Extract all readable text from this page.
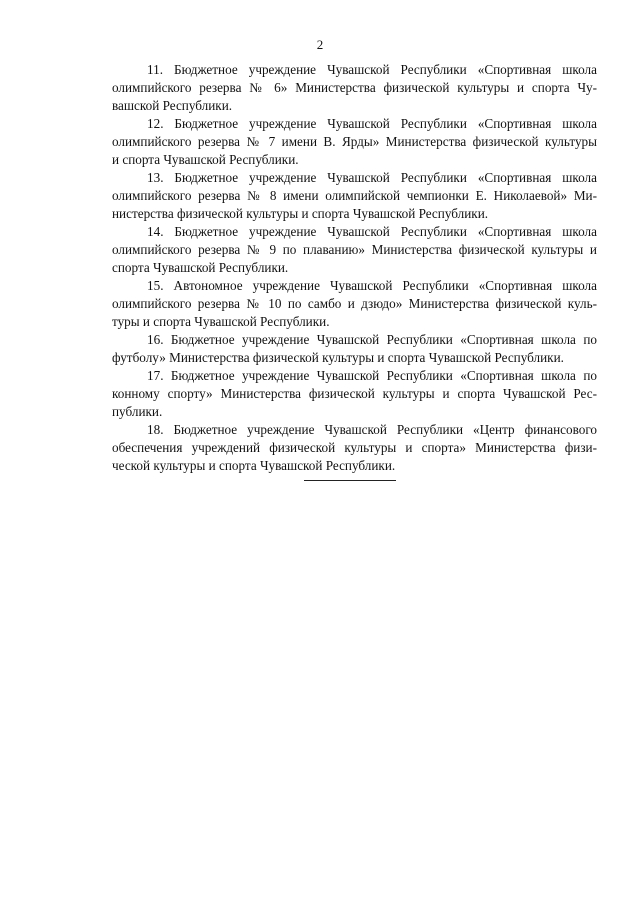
2
11. Бюджетное учреждение Чувашской Республики «Спортивная школа
олимпийского резерва № 6» Министерства физической культуры и спорта Чу-
вашской Республики.
12. Бюджетное учреждение Чувашской Республики «Спортивная школа
олимпийского резерва № 7 имени В. Ярды» Министерства физической культуры
и спорта Чувашской Республики.
13. Бюджетное учреждение Чувашской Республики «Спортивная школа
олимпийского резерва № 8 имени олимпийской чемпионки Е. Николаевой» Ми-
нистерства физической культуры и спорта Чувашской Республики.
14. Бюджетное учреждение Чувашской Республики «Спортивная школа
олимпийского резерва № 9 по плаванию» Министерства физической культуры и
спорта Чувашской Республики.
15. Автономное учреждение Чувашской Республики «Спортивная школа
олимпийского резерва № 10 по самбо и дзюдо» Министерства физической куль-
туры и спорта Чувашской Республики.
16. Бюджетное учреждение Чувашской Республики «Спортивная школа по
футболу» Министерства физической культуры и спорта Чувашской Республики.
17. Бюджетное учреждение Чувашской Республики «Спортивная школа по
конному спорту» Министерства физической культуры и спорта Чувашской Рес-
публики.
18. Бюджетное учреждение Чувашской Республики «Центр финансового
обеспечения учреждений физической культуры и спорта» Министерства физи-
ческой культуры и спорта Чувашской Республики.
